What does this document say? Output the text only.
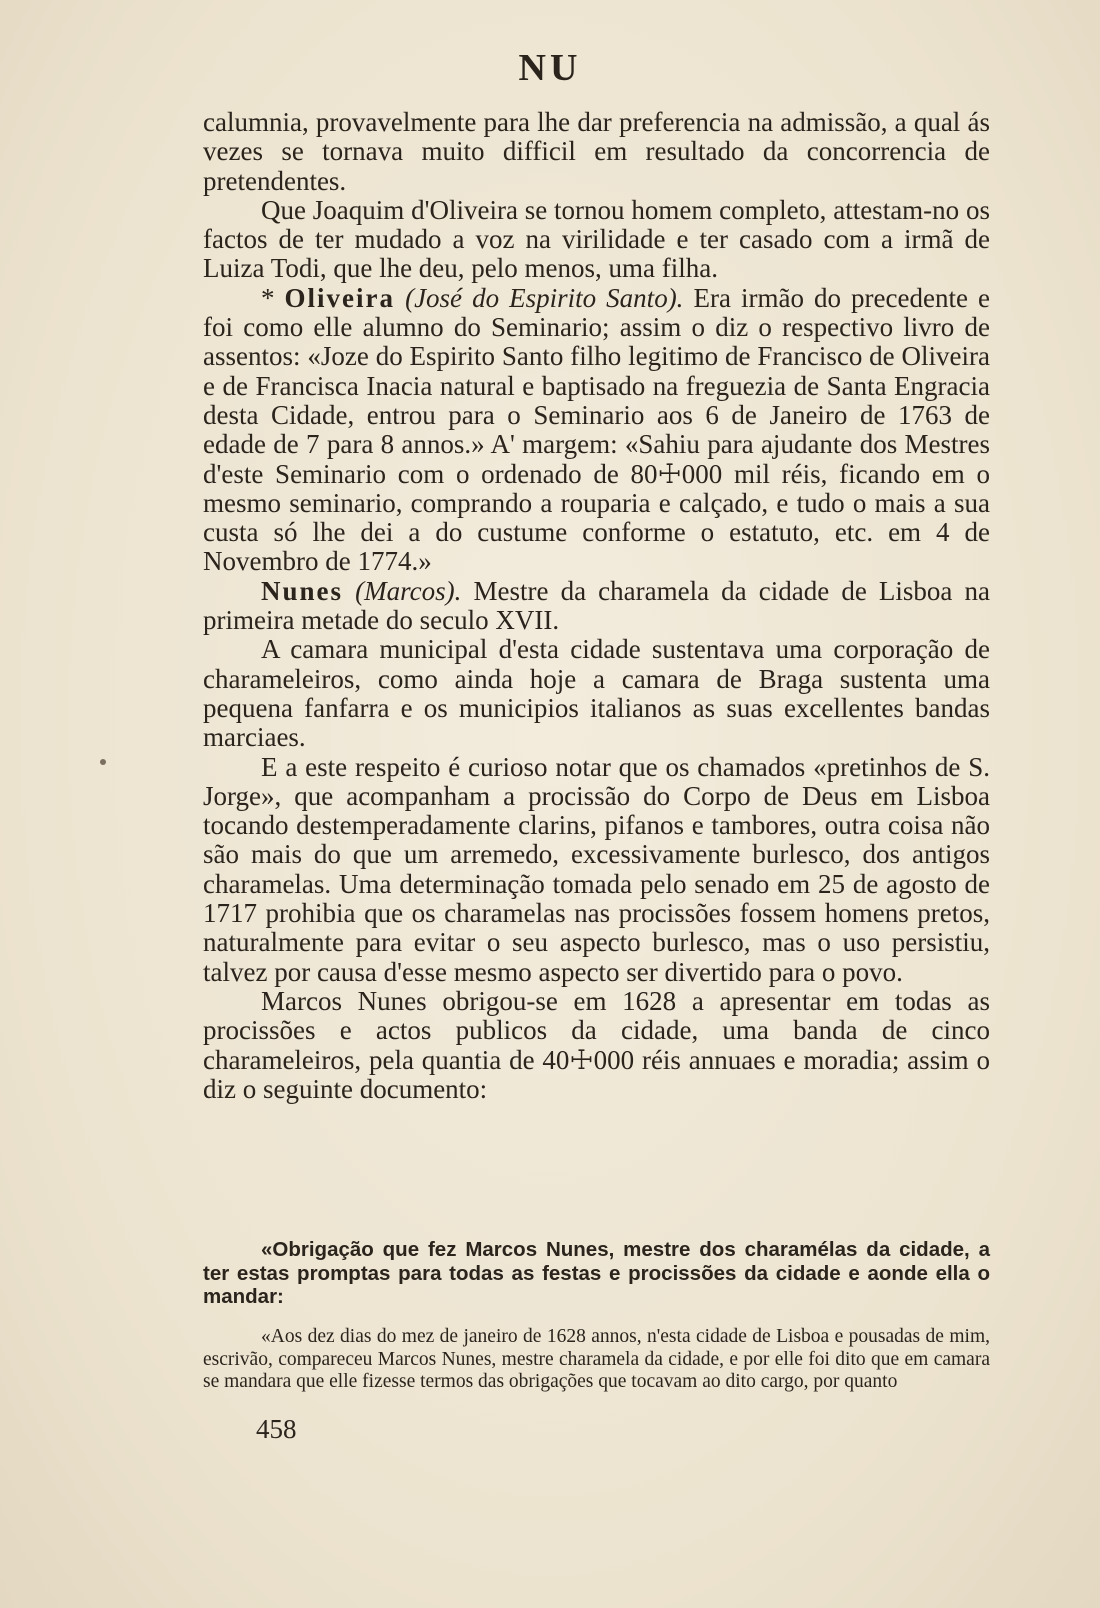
NU

calumnia, provavelmente para lhe dar preferencia na admissão, a qual ás vezes se tornava muito difficil em resultado da concorrencia de pretendentes.

Que Joaquim d'Oliveira se tornou homem completo, attestam-no os factos de ter mudado a voz na virilidade e ter casado com a irmã de Luiza Todi, que lhe deu, pelo menos, uma filha.

* Oliveira (José do Espirito Santo). Era irmão do precedente e foi como elle alumno do Seminario; assim o diz o respectivo livro de assentos: «Joze do Espirito Santo filho legitimo de Francisco de Oliveira e de Francisca Inacia natural e baptisado na freguezia de Santa Engracia desta Cidade, entrou para o Seminario aos 6 de Janeiro de 1763 de edade de 7 para 8 annos.» A' margem: «Sahiu para ajudante dos Mestres d'este Seminario com o ordenado de 80☩000 mil réis, ficando em o mesmo seminario, comprando a rouparia e calçado, e tudo o mais a sua custa só lhe dei a do custume conforme o estatuto, etc. em 4 de Novembro de 1774.»

Nunes (Marcos). Mestre da charamela da cidade de Lisboa na primeira metade do seculo XVII.

A camara municipal d'esta cidade sustentava uma corporação de charameleiros, como ainda hoje a camara de Braga sustenta uma pequena fanfarra e os municipios italianos as suas excellentes bandas marciaes.

E a este respeito é curioso notar que os chamados «pretinhos de S. Jorge», que acompanham a procissão do Corpo de Deus em Lisboa tocando destemperadamente clarins, pifanos e tambores, outra coisa não são mais do que um arremedo, excessivamente burlesco, dos antigos charamelas. Uma determinação tomada pelo senado em 25 de agosto de 1717 prohibia que os charamelas nas procissões fossem homens pretos, naturalmente para evitar o seu aspecto burlesco, mas o uso persistiu, talvez por causa d'esse mesmo aspecto ser divertido para o povo.

Marcos Nunes obrigou-se em 1628 a apresentar em todas as procissões e actos publicos da cidade, uma banda de cinco charameleiros, pela quantia de 40☩000 réis annuaes e moradia; assim o diz o seguinte documento:

«Obrigação que fez Marcos Nunes, mestre dos charamélas da cidade, a ter estas promptas para todas as festas e procissões da cidade e aonde ella o mandar:
«Aos dez dias do mez de janeiro de 1628 annos, n'esta cidade de Lisboa e pousadas de mim, escrivão, compareceu Marcos Nunes, mestre charamela da cidade, e por elle foi dito que em camara se mandara que elle fizesse termos das obrigações que tocavam ao dito cargo, por quanto
458
